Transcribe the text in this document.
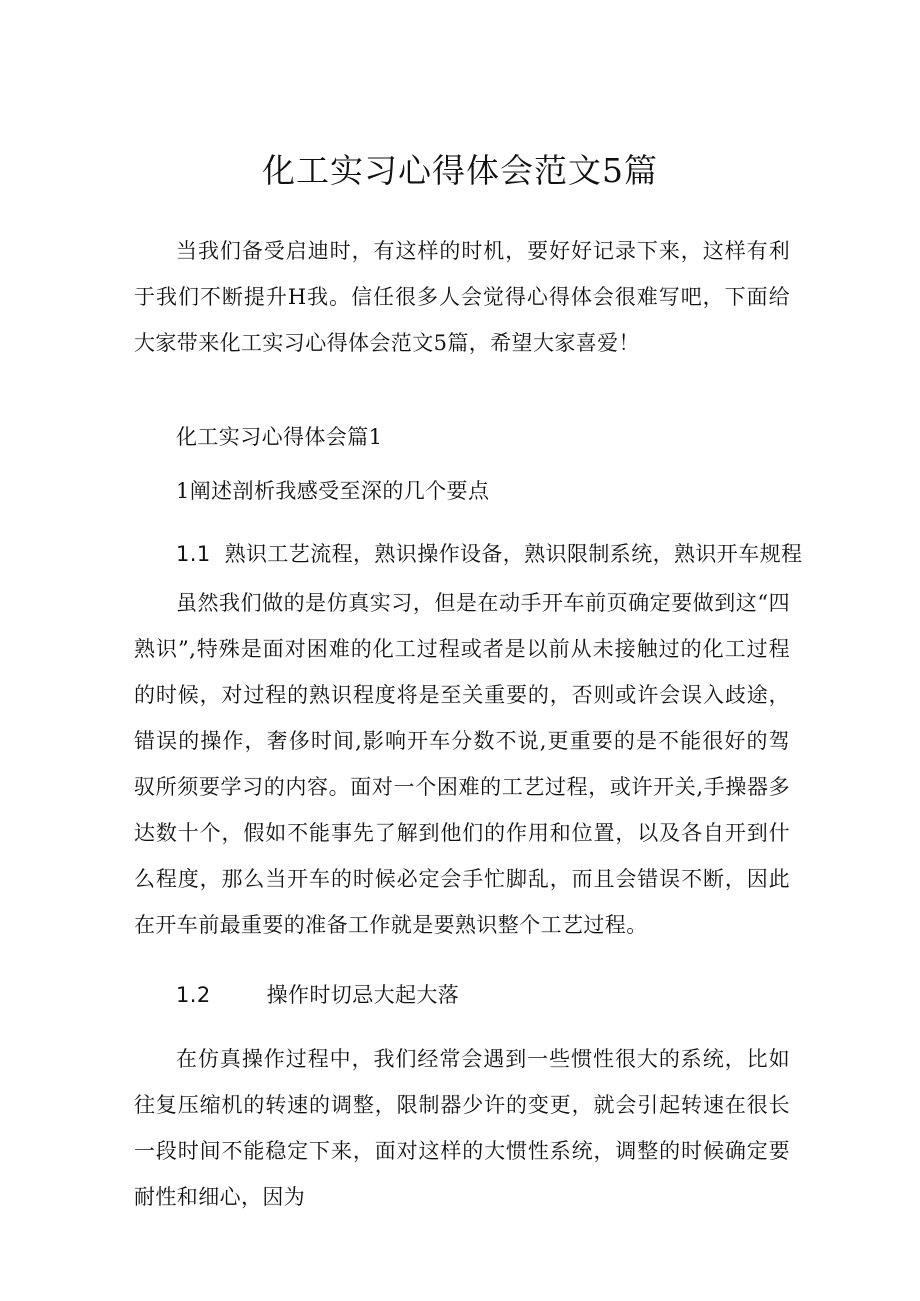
化工实习心得体会范文5篇

当我们备受启迪时，有这样的时机，要好好记录下来，这样有利于我们不断提升H我。信任很多人会觉得心得体会很难写吧，下面给大家带来化工实习心得体会范文5篇，希望大家喜爱！

化工实习心得体会篇1

1阐述剖析我感受至深的几个要点

1.1 熟识工艺流程，熟识操作设备，熟识限制系统，熟识开车规程

虽然我们做的是仿真实习，但是在动手开车前页确定要做到这“四熟识”,特殊是面对困难的化工过程或者是以前从未接触过的化工过程的时候，对过程的熟识程度将是至关重要的，否则或许会误入歧途，错误的操作，奢侈时间,影响开车分数不说,更重要的是不能很好的驾驭所须要学习的内容。面对一个困难的工艺过程，或许开关,手操器多达数十个，假如不能事先了解到他们的作用和位置，以及各自开到什么程度，那么当开车的时候必定会手忙脚乱，而且会错误不断，因此在开车前最重要的准备工作就是要熟识整个工艺过程。

1.2	操作时切忌大起大落

在仿真操作过程中，我们经常会遇到一些惯性很大的系统，比如往复压缩机的转速的调整，限制器少许的变更，就会引起转速在很长一段时间不能稳定下来，面对这样的大惯性系统，调整的时候确定要耐性和细心，因为
